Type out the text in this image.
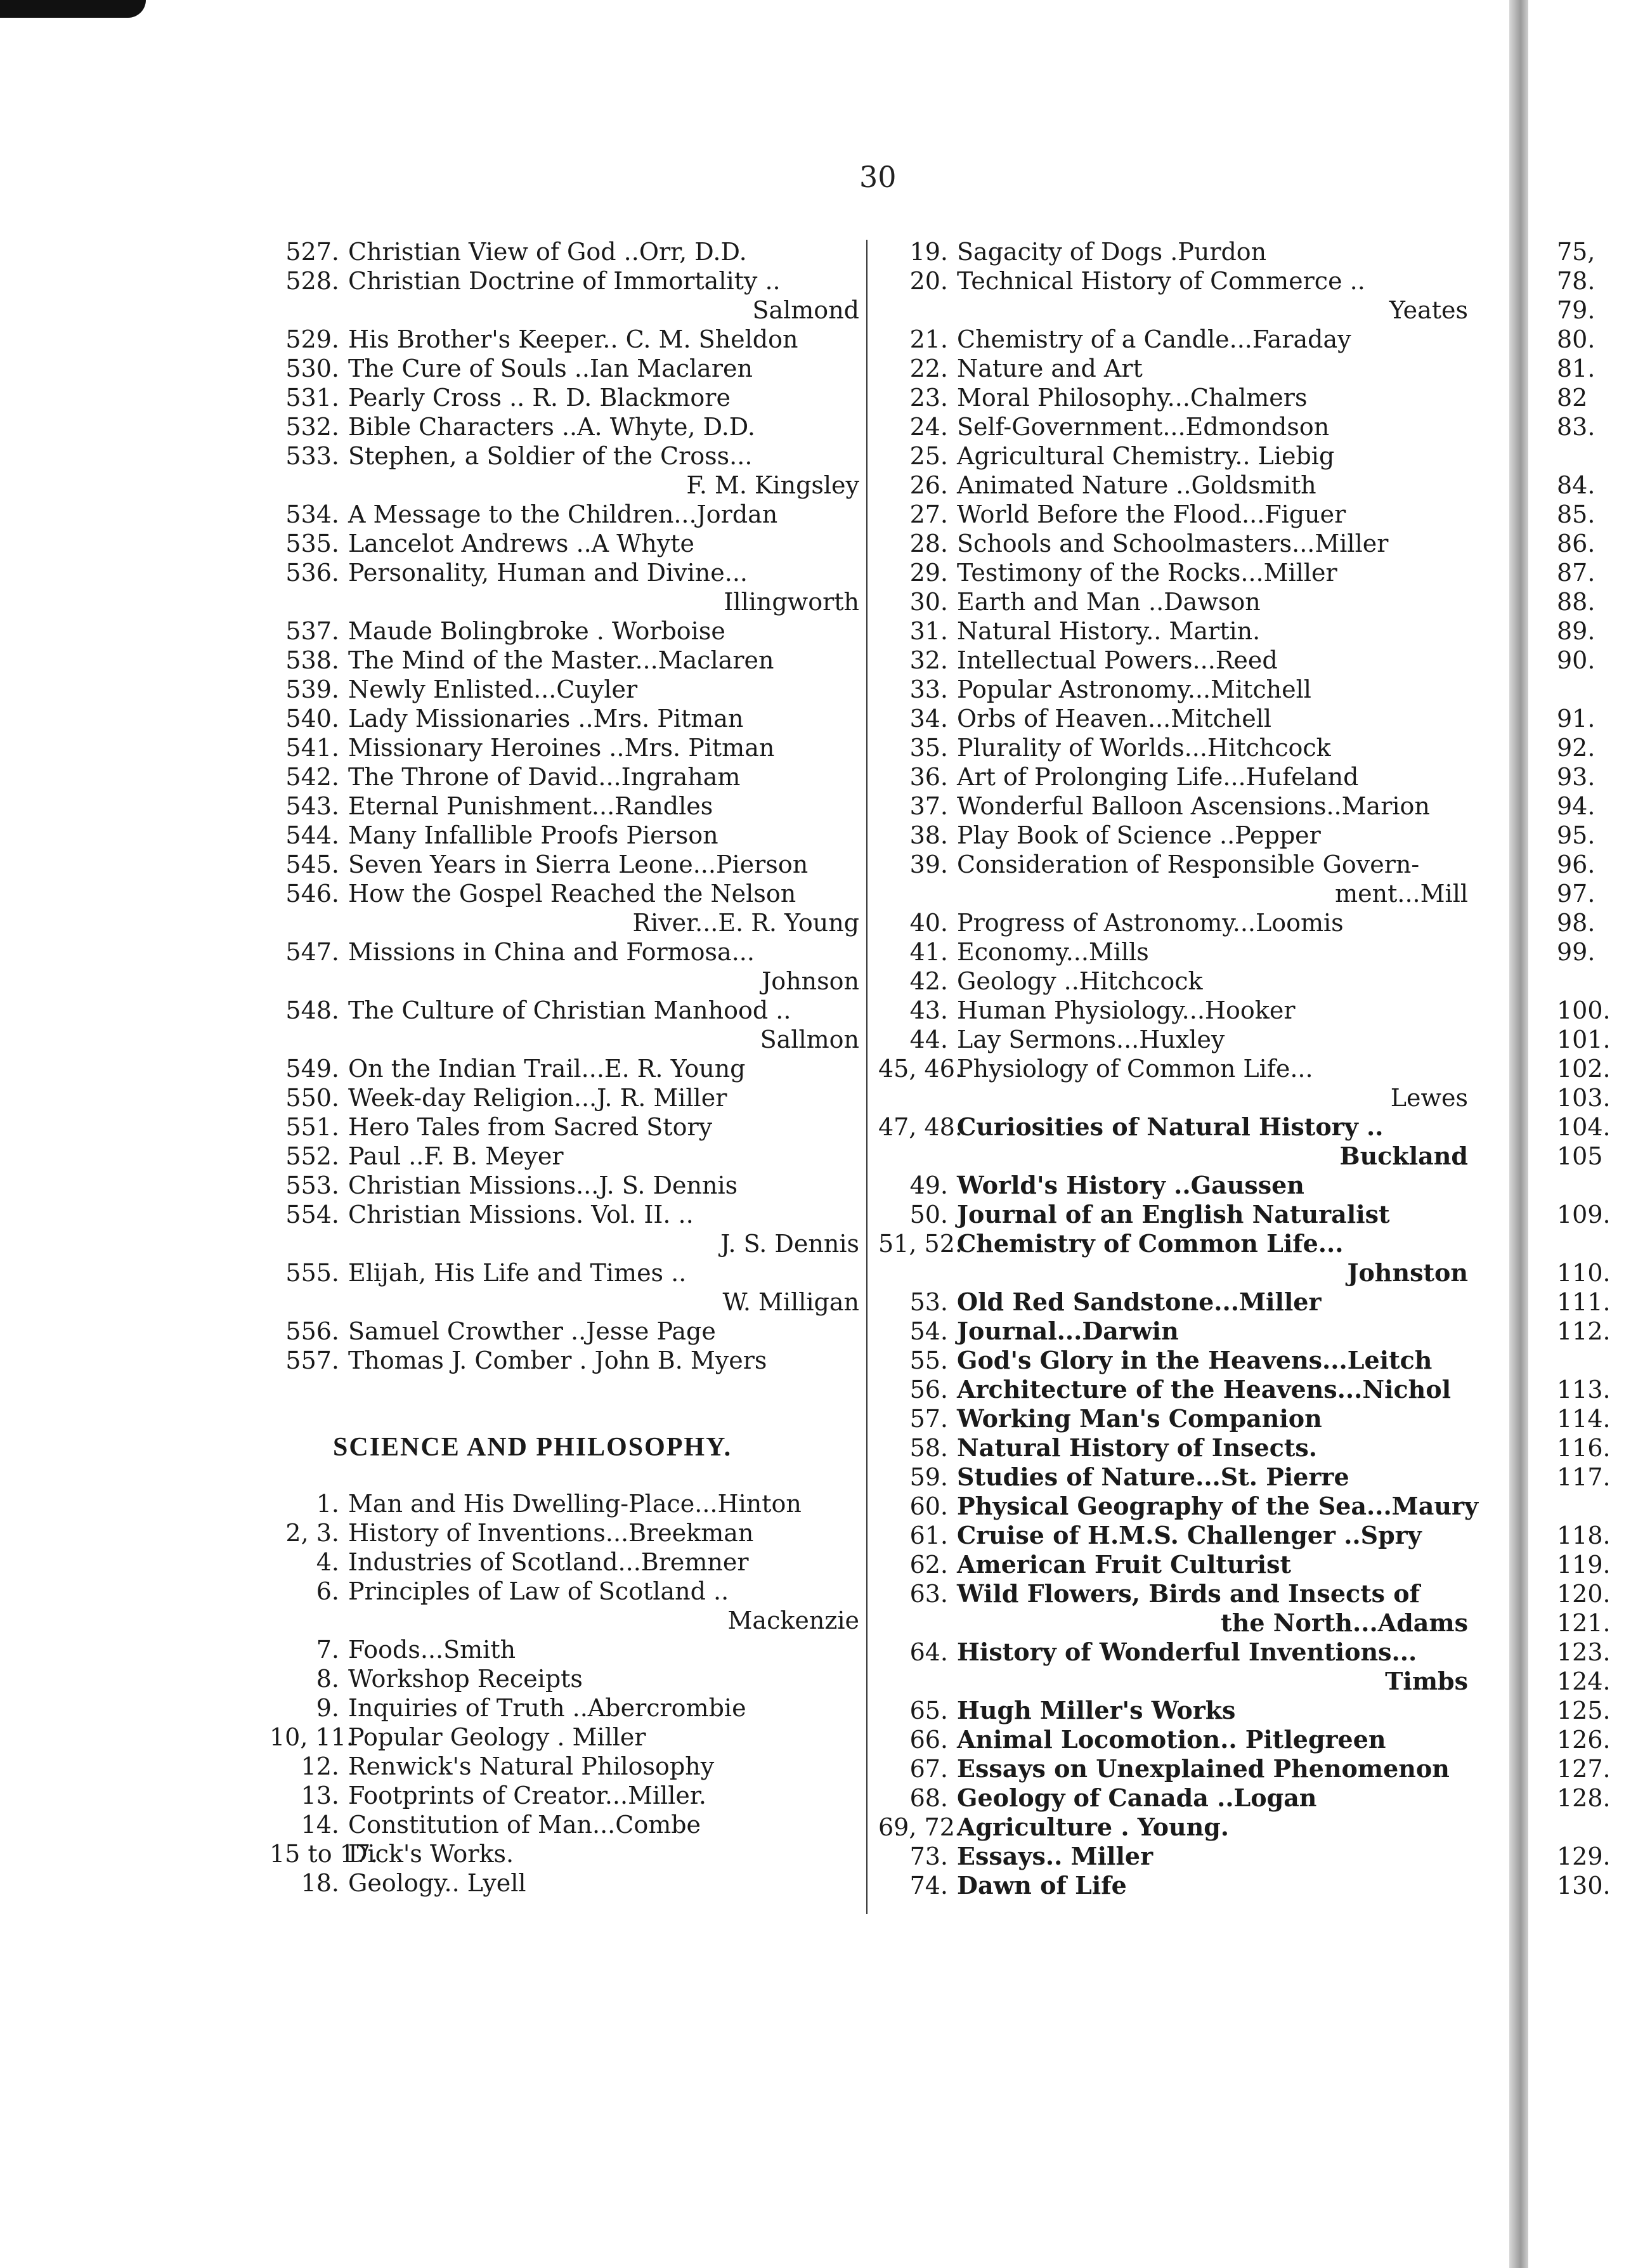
30
527. Christian View of God ..Orr, D.D.
528. Christian Doctrine of Immortality ..
Salmond
529. His Brother's Keeper.. C. M. Sheldon
530. The Cure of Souls ..Ian Maclaren
531. Pearly Cross .. R. D. Blackmore
532. Bible Characters ..A. Whyte, D.D.
533. Stephen, a Soldier of the Cross...
F. M. Kingsley
534. A Message to the Children...Jordan
535. Lancelot Andrews ..A Whyte
536. Personality, Human and Divine...
Illingworth
537. Maude Bolingbroke . Worboise
538. The Mind of the Master...Maclaren
539. Newly Enlisted...Cuyler
540. Lady Missionaries ..Mrs. Pitman
541. Missionary Heroines ..Mrs. Pitman
542. The Throne of David...Ingraham
543. Eternal Punishment...Randles
544. Many Infallible Proofs Pierson
545. Seven Years in Sierra Leone...Pierson
546. How the Gospel Reached the Nelson
River...E. R. Young
547. Missions in China and Formosa...
Johnson
548. The Culture of Christian Manhood ..
Sallmon
549. On the Indian Trail...E. R. Young
550. Week-day Religion...J. R. Miller
551. Hero Tales from Sacred Story
552. Paul ..F. B. Meyer
553. Christian Missions...J. S. Dennis
554. Christian Missions. Vol. II. ..
J. S. Dennis
555. Elijah, His Life and Times ..
W. Milligan
556. Samuel Crowther ..Jesse Page
557. Thomas J. Comber . John B. Myers
SCIENCE AND PHILOSOPHY.
1. Man and His Dwelling-Place...Hinton
2, 3. History of Inventions...Breekman
4. Industries of Scotland...Bremner
6. Principles of Law of Scotland ..
Mackenzie
7. Foods...Smith
8. Workshop Receipts
9. Inquiries of Truth ..Abercrombie
10, 11.
Popular Geology . Miller
12. Renwick's Natural Philosophy
13. Footprints of Creator...Miller.
14. Constitution of Man...Combe
15 to 17.
Dick's Works.
18. Geology.. Lyell
19. Sagacity of Dogs .Purdon
20. Technical History of Commerce ..
Yeates
21. Chemistry of a Candle...Faraday
22. Nature and Art
23. Moral Philosophy...Chalmers
24. Self-Government...Edmondson
25. Agricultural Chemistry.. Liebig
26. Animated Nature ..Goldsmith
27. World Before the Flood...Figuer
28. Schools and Schoolmasters...Miller
29. Testimony of the Rocks...Miller
30. Earth and Man ..Dawson
31. Natural History.. Martin.
32. Intellectual Powers...Reed
33. Popular Astronomy...Mitchell
34. Orbs of Heaven...Mitchell
35. Plurality of Worlds...Hitchcock
36. Art of Prolonging Life...Hufeland
37. Wonderful Balloon Ascensions..Marion
38. Play Book of Science ..Pepper
39. Consideration of Responsible Govern-
ment...Mill
40. Progress of Astronomy...Loomis
41. Economy...Mills
42. Geology ..Hitchcock
43. Human Physiology...Hooker
44. Lay Sermons...Huxley
45, 46.
Physiology of Common Life...
Lewes
47, 48.
Curiosities of Natural History ..
Buckland
49. World's History ..Gaussen
50. Journal of an English Naturalist
51, 52.
Chemistry of Common Life...
Johnston
53. Old Red Sandstone...Miller
54. Journal...Darwin
55. God's Glory in the Heavens...Leitch
56. Architecture of the Heavens...Nichol
57. Working Man's Companion
58. Natural History of Insects.
59. Studies of Nature...St. Pierre
60. Physical Geography of the Sea...Maury
61. Cruise of H.M.S. Challenger ..Spry
62. American Fruit Culturist
63. Wild Flowers, Birds and Insects of
the North...Adams
64. History of Wonderful Inventions...
Timbs
65. Hugh Miller's Works
66. Animal Locomotion.. Pitlegreen
67. Essays on Unexplained Phenomenon
68. Geology of Canada ..Logan
69, 72.
Agriculture . Young.
73. Essays.. Miller
74. Dawn of Life
75,
78.
79.
80.
81.
82
83.

84.
85.
86.
87.
88.
89.
90.

91.
92.
93.
94.
95.
96.
97.
98.
99.

100.
101.
102.
103.
104.
105

109.

110.
111.
112.

113.
114.
116.
117.

118.
119.
120.
121.
123.
124.
125.
126.
127.
128.

129.
130.
